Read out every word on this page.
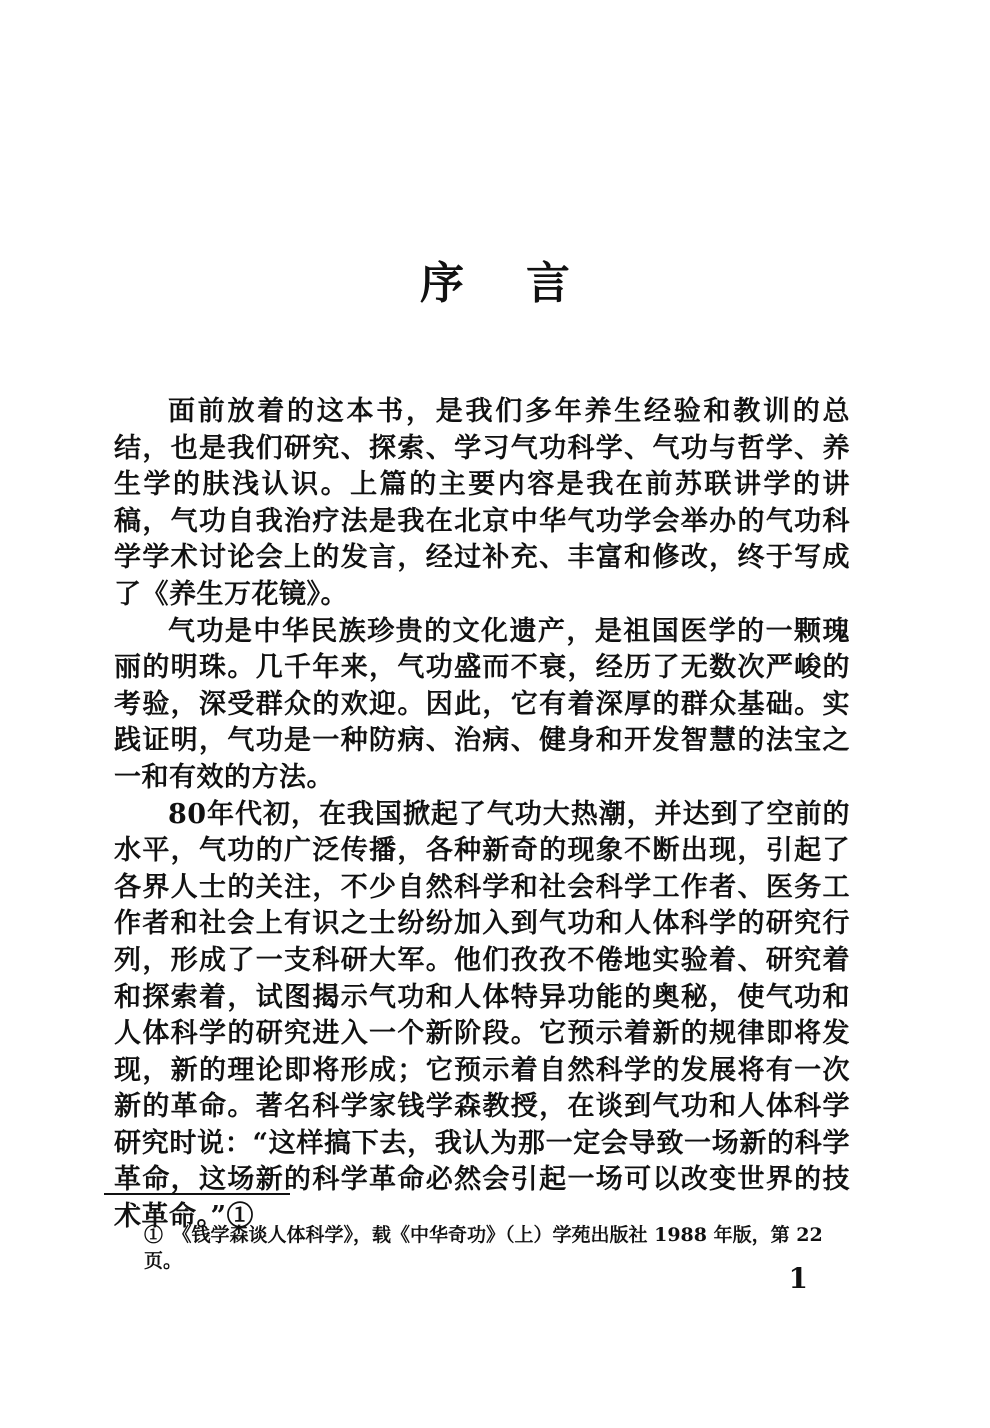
序言

面前放着的这本书，是我们多年养生经验和教训的总结，也是我们研究、探索、学习气功科学、气功与哲学、养生学的肤浅认识。上篇的主要内容是我在前苏联讲学的讲稿，气功自我治疗法是我在北京中华气功学会举办的气功科学学术讨论会上的发言，经过补充、丰富和修改，终于写成了《养生万花镜》。

气功是中华民族珍贵的文化遗产，是祖国医学的一颗瑰丽的明珠。几千年来，气功盛而不衰，经历了无数次严峻的考验，深受群众的欢迎。因此，它有着深厚的群众基础。实践证明，气功是一种防病、治病、健身和开发智慧的法宝之一和有效的方法。

80年代初，在我国掀起了气功大热潮，并达到了空前的水平，气功的广泛传播，各种新奇的现象不断出现，引起了各界人士的关注，不少自然科学和社会科学工作者、医务工作者和社会上有识之士纷纷加入到气功和人体科学的研究行列，形成了一支科研大军。他们孜孜不倦地实验着、研究着和探索着，试图揭示气功和人体特异功能的奥秘，使气功和人体科学的研究进入一个新阶段。它预示着新的规律即将发现，新的理论即将形成；它预示着自然科学的发展将有一次新的革命。著名科学家钱学森教授，在谈到气功和人体科学研究时说：“这样搞下去，我认为那一定会导致一场新的科学革命，这场新的科学革命必然会引起一场可以改变世界的技术革命。”①

①　《钱学森谈人体科学》，载《中华奇功》（上）学苑出版社 1988 年版，第 22 页。
1
